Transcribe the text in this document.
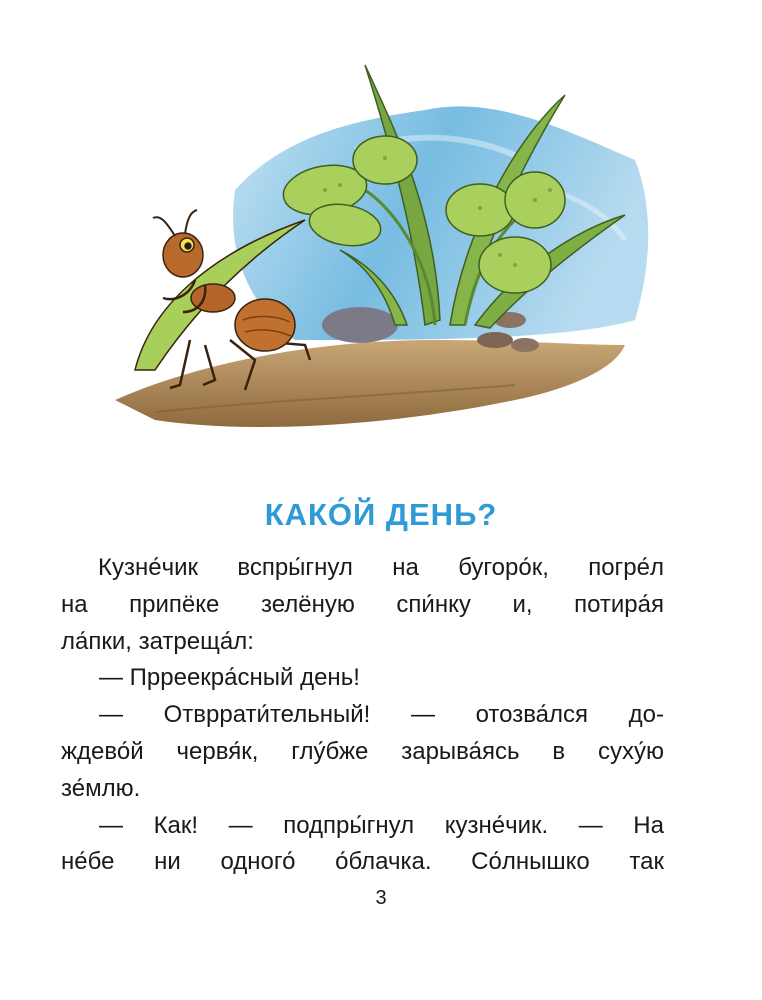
КАКО́Й ДЕНЬ?
Кузне́чик вспры́гнул на бугоро́к, погре́л
на припёке зелёную спи́нку и, потира́я
ла́пки, затреща́л:
— Прреекра́сный день!
— Отвррати́тельный! — отозва́лся до-
ждево́й червя́к, глу́бже зарыва́ясь в суху́ю
зе́млю.
— Как! — подпры́гнул кузне́чик. — На
не́бе ни одного́ о́блачка. Со́лнышко так
3
